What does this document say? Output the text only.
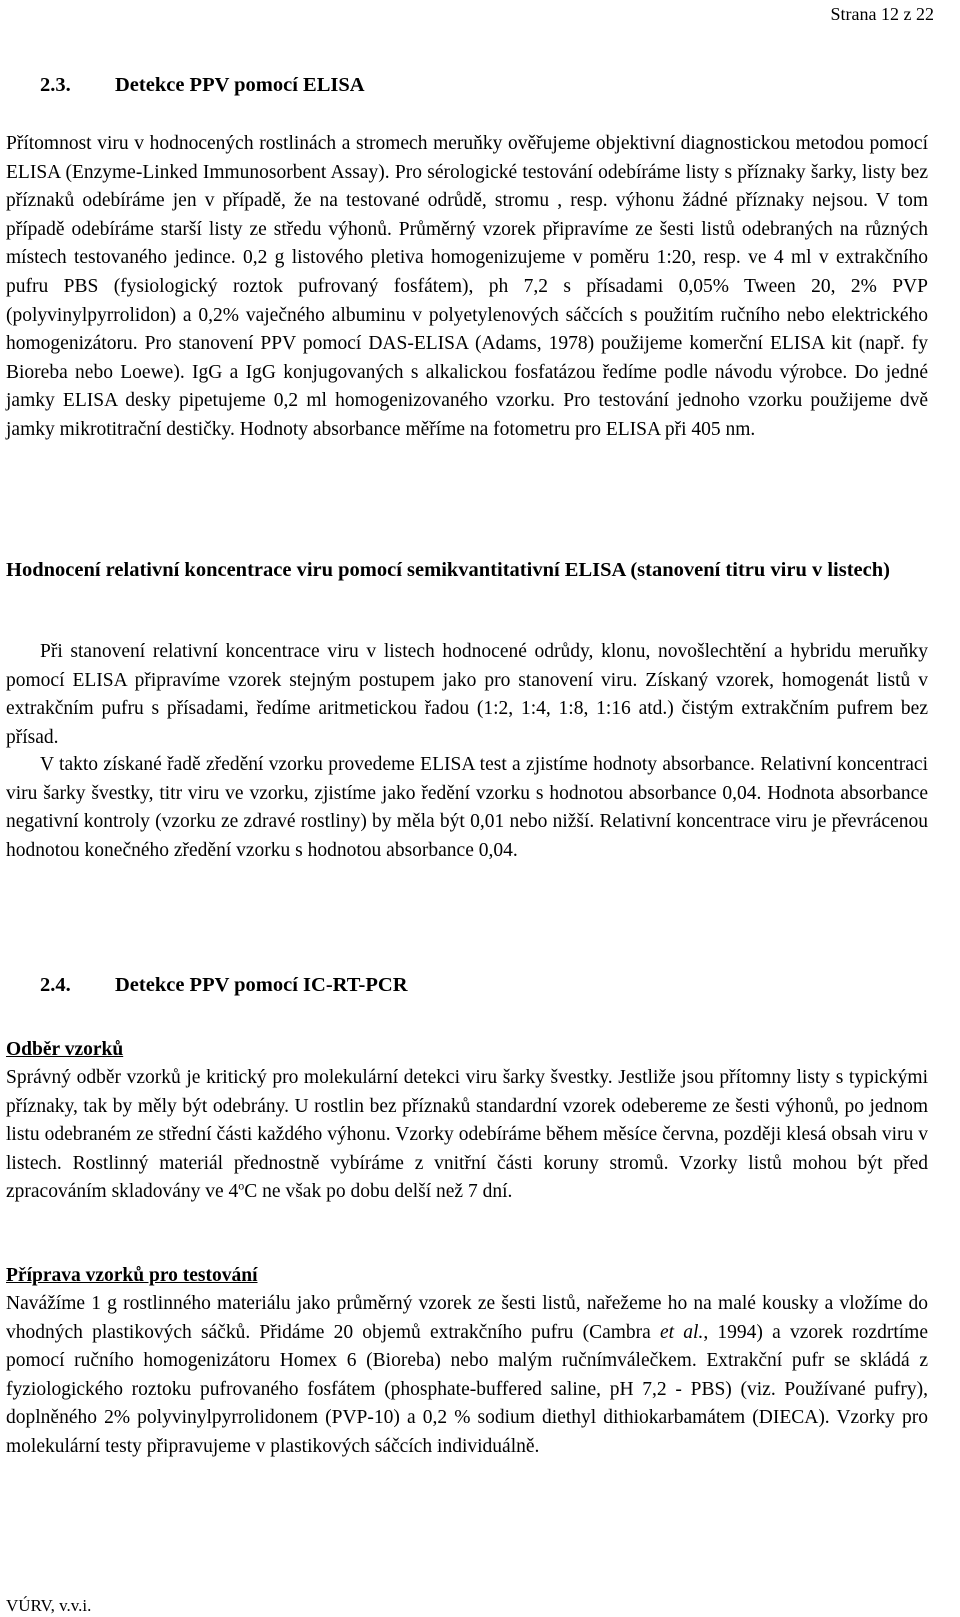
Strana 12 z 22
2.3. Detekce PPV pomocí ELISA
Přítomnost viru v hodnocených rostlinách a stromech meruňky ověřujeme objektivní diagnostickou metodou pomocí ELISA (Enzyme-Linked Immunosorbent Assay). Pro sérologické testování odebíráme listy s příznaky šarky, listy bez příznaků odebíráme jen v případě, že na testované odrůdě, stromu , resp. výhonu žádné příznaky nejsou. V tom případě odebíráme starší listy ze středu výhonů. Průměrný vzorek připravíme ze šesti listů odebraných na různých místech testovaného jedince. 0,2 g listového pletiva homogenizujeme v poměru 1:20, resp. ve 4 ml v extrakčního pufru PBS (fysiologický roztok pufrovaný fosfátem), ph 7,2 s přísadami 0,05% Tween 20, 2% PVP (polyvinylpyrrolidon) a 0,2% vaječného albuminu v polyetylenových sáčcích s použitím ručního nebo elektrického homogenizátoru. Pro stanovení PPV pomocí DAS-ELISA (Adams, 1978) použijeme komerční ELISA kit (např. fy Bioreba nebo Loewe). IgG a IgG konjugovaných s alkalickou fosfatázou ředíme podle návodu výrobce. Do jedné jamky ELISA desky pipetujeme 0,2 ml homogenizovaného vzorku. Pro testování jednoho vzorku použijeme dvě jamky mikrotitrační destičky. Hodnoty absorbance měříme na fotometru pro ELISA při 405 nm.
Hodnocení relativní koncentrace viru pomocí semikvantitativní ELISA (stanovení titru viru v listech)
Při stanovení relativní koncentrace viru v listech hodnocené odrůdy, klonu, novošlechtění a hybridu meruňky pomocí ELISA připravíme vzorek stejným postupem jako pro stanovení viru. Získaný vzorek, homogenát listů v extrakčním pufru s přísadami, ředíme aritmetickou řadou (1:2, 1:4, 1:8, 1:16 atd.) čistým extrakčním pufrem bez přísad.
V takto získané řadě zředění vzorku provedeme ELISA test a zjistíme hodnoty absorbance. Relativní koncentraci viru šarky švestky, titr viru ve vzorku, zjistíme jako ředění vzorku s hodnotou absorbance 0,04. Hodnota absorbance negativní kontroly (vzorku ze zdravé rostliny) by měla být 0,01 nebo nižší. Relativní koncentrace viru je převrácenou hodnotou konečného zředění vzorku s hodnotou absorbance 0,04.
2.4. Detekce PPV pomocí IC-RT-PCR
Odběr vzorků
Správný odběr vzorků je kritický pro molekulární detekci viru šarky švestky. Jestliže jsou přítomny listy s typickými příznaky, tak by měly být odebrány. U rostlin bez příznaků standardní vzorek odebereme ze šesti výhonů, po jednom listu odebraném ze střední části každého výhonu. Vzorky odebíráme během měsíce června, později klesá obsah viru v listech. Rostlinný materiál přednostně vybíráme z vnitřní části koruny stromů. Vzorky listů mohou být před zpracováním skladovány ve 4$^o$C ne však po dobu delší než 7 dní.
Příprava vzorků pro testování
Navážíme 1 g rostlinného materiálu jako průměrný vzorek ze šesti listů, nařežeme ho na malé kousky a vložíme do vhodných plastikových sáčků. Přidáme 20 objemů extrakčního pufru (Cambra et al., 1994) a vzorek rozdrtíme pomocí ručního homogenizátoru Homex 6 (Bioreba) nebo malým ručnímválečkem. Extrakční pufr se skládá z fyziologického roztoku pufrovaného fosfátem (phosphate-buffered saline, pH 7,2 - PBS) (viz. Používané pufry), doplněného 2% polyvinylpyrrolidonem (PVP-10) a 0,2 % sodium diethyl dithiokarbamátem (DIECA). Vzorky pro molekulární testy připravujeme v plastikových sáčcích individuálně.
VÚRV, v.v.i.
